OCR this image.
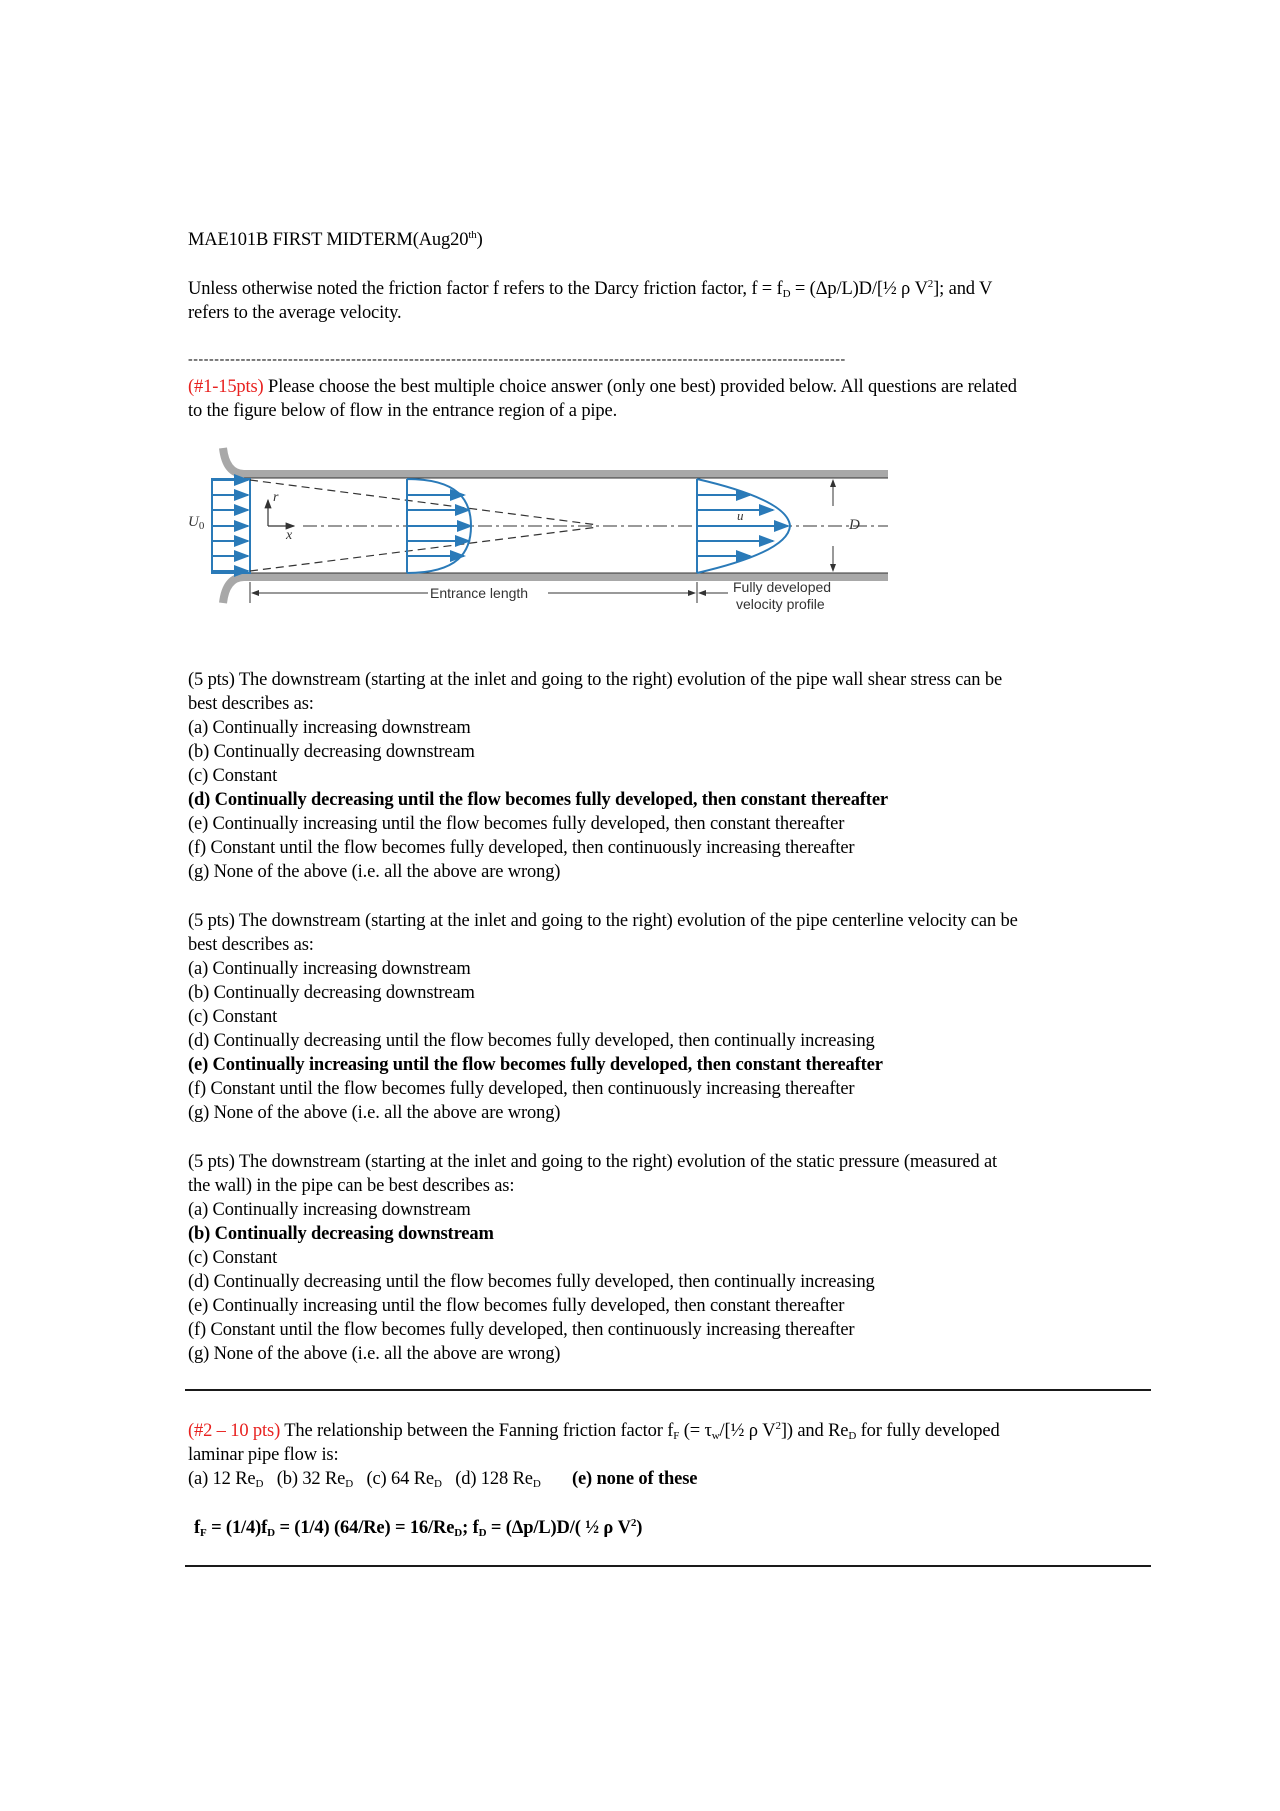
MAE101B FIRST MIDTERM(Aug20th)
Unless otherwise noted the friction factor f refers to the Darcy friction factor, $f = f_D$ = (Δp/L)D/[½ ρ $V^2$]; and V
refers to the average velocity.
-----------------------------------------------------------------------------------------------------------------------------
(#1-15pts) Please choose the best multiple choice answer (only one best) provided below. All questions are related
to the figure below of flow in the entrance region of a pipe.
$U_0$
r
x
u
D
Entrance length	Fully developed
velocity profile
(5 pts) The downstream (starting at the inlet and going to the right) evolution of the pipe wall shear stress can be
best describes as:
(a) Continually increasing downstream
(b) Continually decreasing downstream
(c) Constant
(d) Continually decreasing until the flow becomes fully developed, then constant thereafter
(e) Continually increasing until the flow becomes fully developed, then constant thereafter
(f) Constant until the flow becomes fully developed, then continuously increasing thereafter
(g) None of the above (i.e. all the above are wrong)
(5 pts) The downstream (starting at the inlet and going to the right) evolution of the pipe centerline velocity can be
best describes as:
(a) Continually increasing downstream
(b) Continually decreasing downstream
(c) Constant
(d) Continually decreasing until the flow becomes fully developed, then continually increasing
(e) Continually increasing until the flow becomes fully developed, then constant thereafter
(f) Constant until the flow becomes fully developed, then continuously increasing thereafter
(g) None of the above (i.e. all the above are wrong)
(5 pts) The downstream (starting at the inlet and going to the right) evolution of the static pressure (measured at
the wall) in the pipe can be best describes as:
(a) Continually increasing downstream
(b) Continually decreasing downstream
(c) Constant
(d) Continually decreasing until the flow becomes fully developed, then continually increasing
(e) Continually increasing until the flow becomes fully developed, then constant thereafter
(f) Constant until the flow becomes fully developed, then continuously increasing thereafter
(g) None of the above (i.e. all the above are wrong)
(#2 – 10 pts) The relationship between the Fanning friction factor $f_F$ (= $\tau_w/[\frac{1}{2}$ ρ $V^2$]) and $Re_D$ for fully developed
laminar pipe flow is:
(a) 12 $Re_D$ (b) 32 $Re_D$ (c) 64 $Re_D$ (d) 128 $Re_D$ (e) none of these
$f_F = (1/4)f_D = (1/4) (64/Re) = 16/Re_D$; $f_D = (\Delta p/L)D/$( ½ ρ $V^2$)
